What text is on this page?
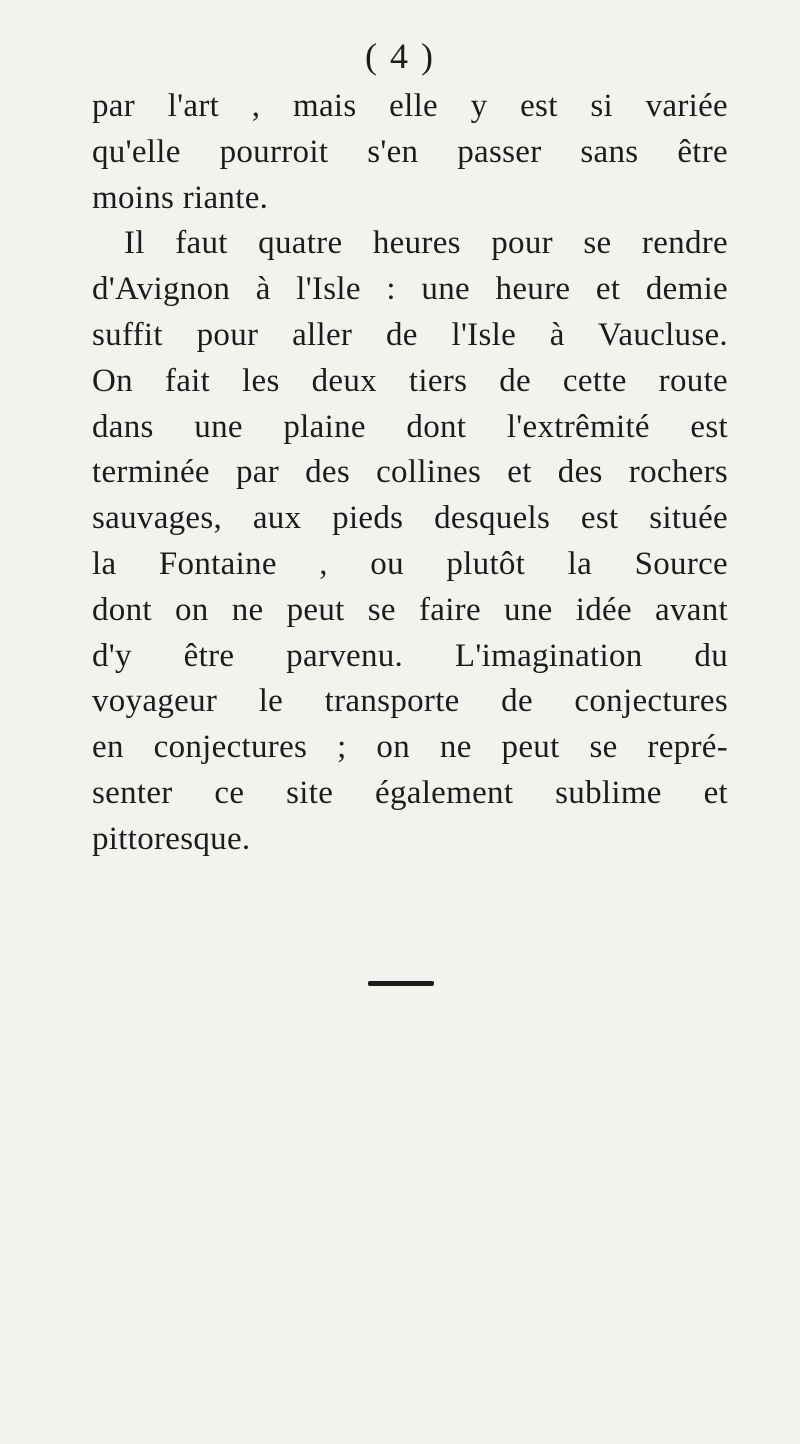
( 4 )
par l'art , mais elle y est si variée
qu'elle pourroit s'en passer sans être
moins riante.
Il faut quatre heures pour se rendre
d'Avignon à l'Isle : une heure et demie
suffit pour aller de l'Isle à Vaucluse.
On fait les deux tiers de cette route
dans une plaine dont l'extrêmité est
terminée par des collines et des rochers
sauvages, aux pieds desquels est située
la Fontaine , ou plutôt la Source
dont on ne peut se faire une idée avant
d'y être parvenu. L'imagination du
voyageur le transporte de conjectures
en conjectures ; on ne peut se repré-
senter ce site également sublime et
pittoresque.
